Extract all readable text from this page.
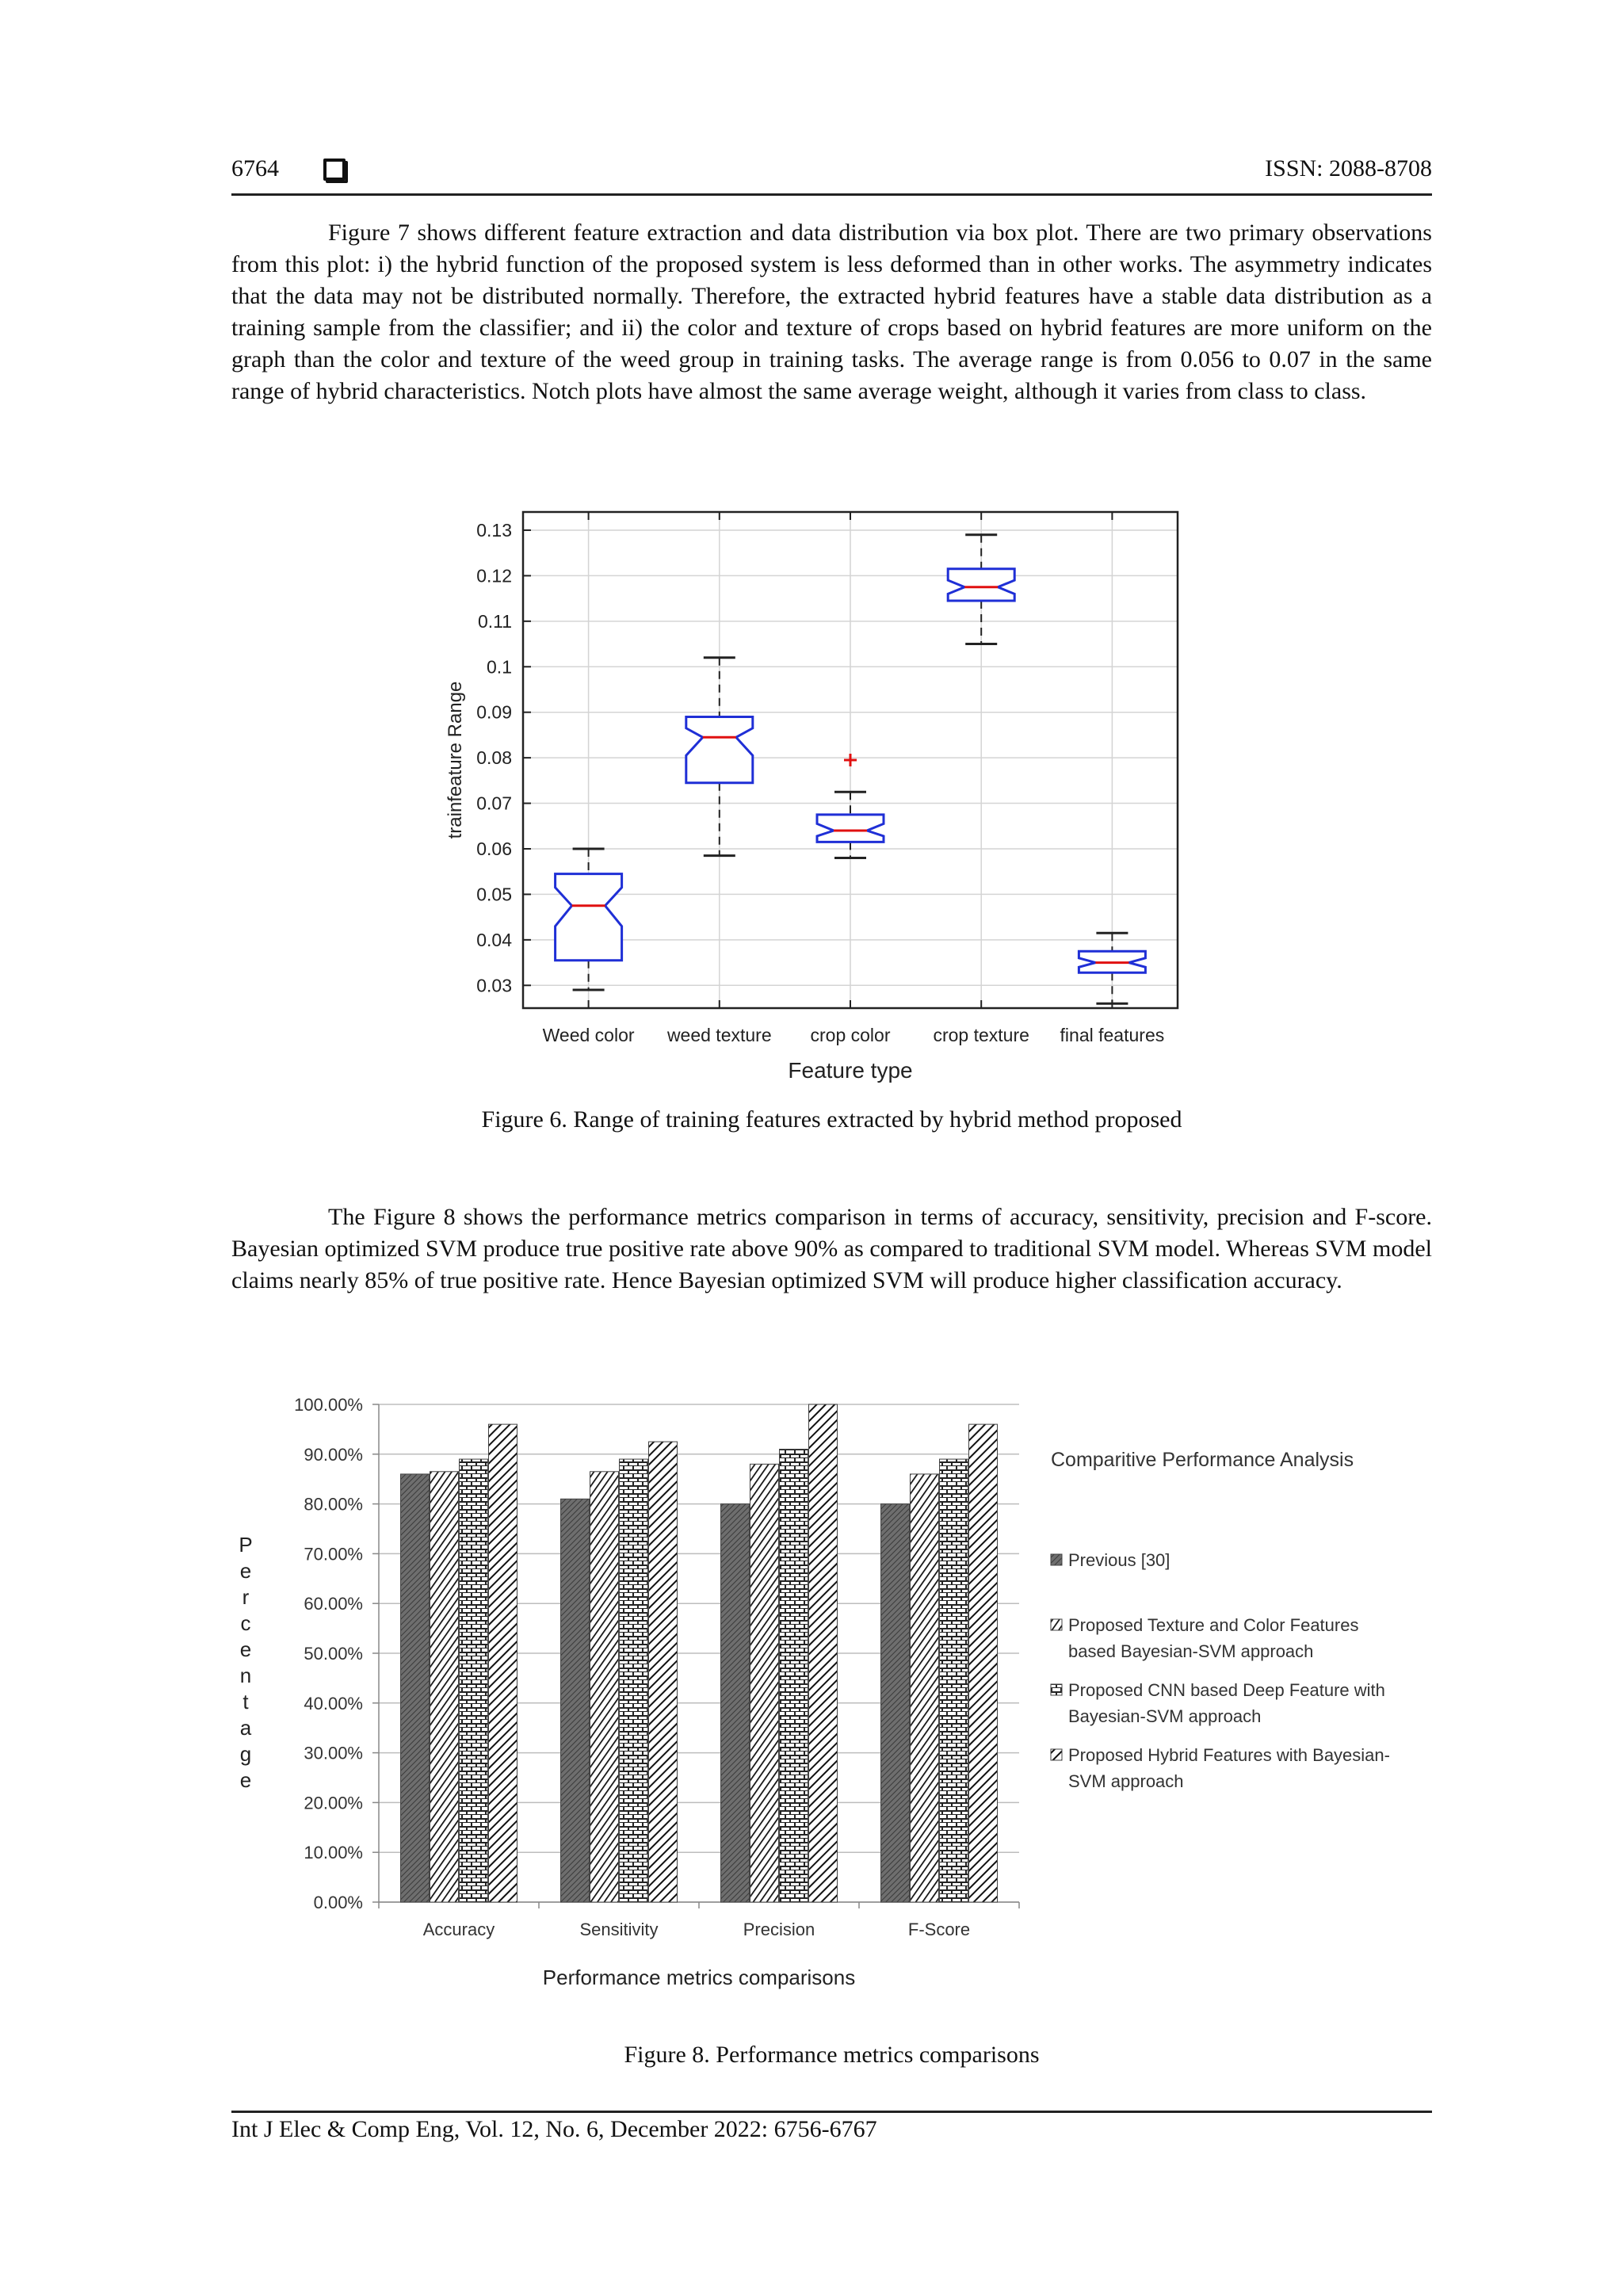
6764	ISSN: 2088-8708

Figure 7 shows different feature extraction and data distribution via box plot. There are two primary observations from this plot: i) the hybrid function of the proposed system is less deformed than in other works. The asymmetry indicates that the data may not be distributed normally. Therefore, the extracted hybrid features have a stable data distribution as a training sample from the classifier; and ii) the color and texture of crops based on hybrid features are more uniform on the graph than the color and texture of the weed group in training tasks. The average range is from 0.056 to 0.07 in the same range of hybrid characteristics. Notch plots have almost the same average weight, although it varies from class to class.

0.03
0.04
0.05
0.06
0.07
0.08
0.09
0.1
0.11
0.12
0.13
Weed color weed texture crop color crop texture final features
Feature type
trainfeature Range
Figure 6. Range of training features extracted by hybrid method proposed

The Figure 8 shows the performance metrics comparison in terms of accuracy, sensitivity, precision and F-score. Bayesian optimized SVM produce true positive rate above 90% as compared to traditional SVM model. Whereas SVM model claims nearly 85% of true positive rate. Hence Bayesian optimized SVM will produce higher classification accuracy.

0.00%
10.00%
20.00%
30.00%
40.00%
50.00%
60.00%
70.00%
80.00%
90.00%
100.00%
Accuracy	Sensitivity	Precision	F-Score
P
e
r
c
e
n
t
a
g
e
Performance metrics comparisons
Comparitive Performance Analysis
Previous [30]
Proposed Texture and Color Features
based Bayesian-SVM approach
Proposed CNN based Deep Feature with
Bayesian-SVM approach
Proposed Hybrid Features with Bayesian-
SVM approach
Figure 8. Performance metrics comparisons
Int J Elec & Comp Eng, Vol. 12, No. 6, December 2022: 6756-6767
